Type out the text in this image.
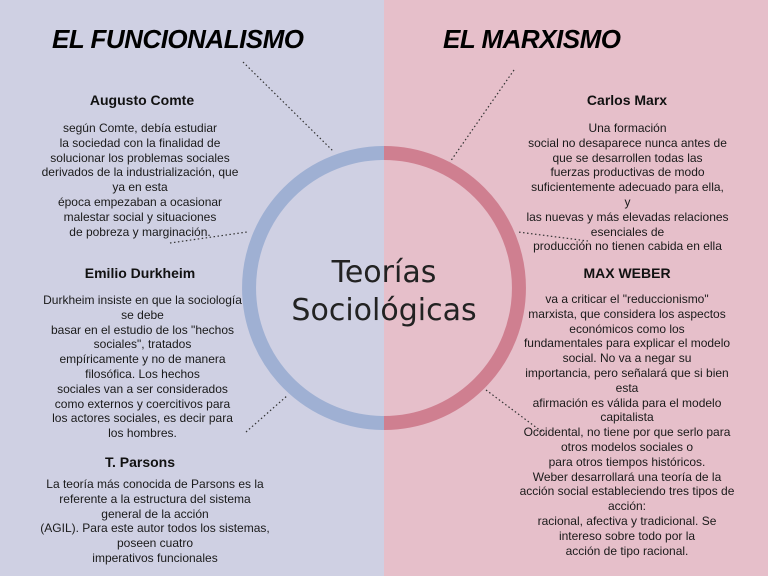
EL FUNCIONALISMO	EL MARXISMO
Teorías
Sociológicas
Augusto Comte
según Comte, debía estudiar
la sociedad con la finalidad de
solucionar los problemas sociales
derivados de la industrialización, que
ya en esta
época empezaban a ocasionar
malestar social y situaciones
de pobreza y marginación.
Emilio Durkheim
Durkheim insiste en que la sociología
se debe
basar en el estudio de los "hechos
sociales", tratados
empíricamente y no de manera
filosófica. Los hechos
sociales van a ser considerados
como externos y coercitivos para
los actores sociales, es decir para
los hombres.
T. Parsons
La teoría más conocida de Parsons es la
referente a la estructura del sistema
general de la acción
(AGIL). Para este autor todos los sistemas,
poseen cuatro
imperativos funcionales
Carlos Marx
Una formación
social no desaparece nunca antes de
que se desarrollen todas las
fuerzas productivas de modo
suficientemente adecuado para ella,
y
las nuevas y más elevadas relaciones
esenciales de
producción no tienen cabida en ella
MAX WEBER
va a criticar el "reduccionismo"
marxista, que considera los aspectos
económicos como los
fundamentales para explicar el modelo
social. No va a negar su
importancia, pero señalará que si bien
esta
afirmación es válida para el modelo
capitalista
Occidental, no tiene por que serlo para
otros modelos sociales o
para otros tiempos históricos.
Weber desarrollará una teoría de la
acción social estableciendo tres tipos de
acción:
racional, afectiva y tradicional. Se
intereso sobre todo por la
acción de tipo racional.
